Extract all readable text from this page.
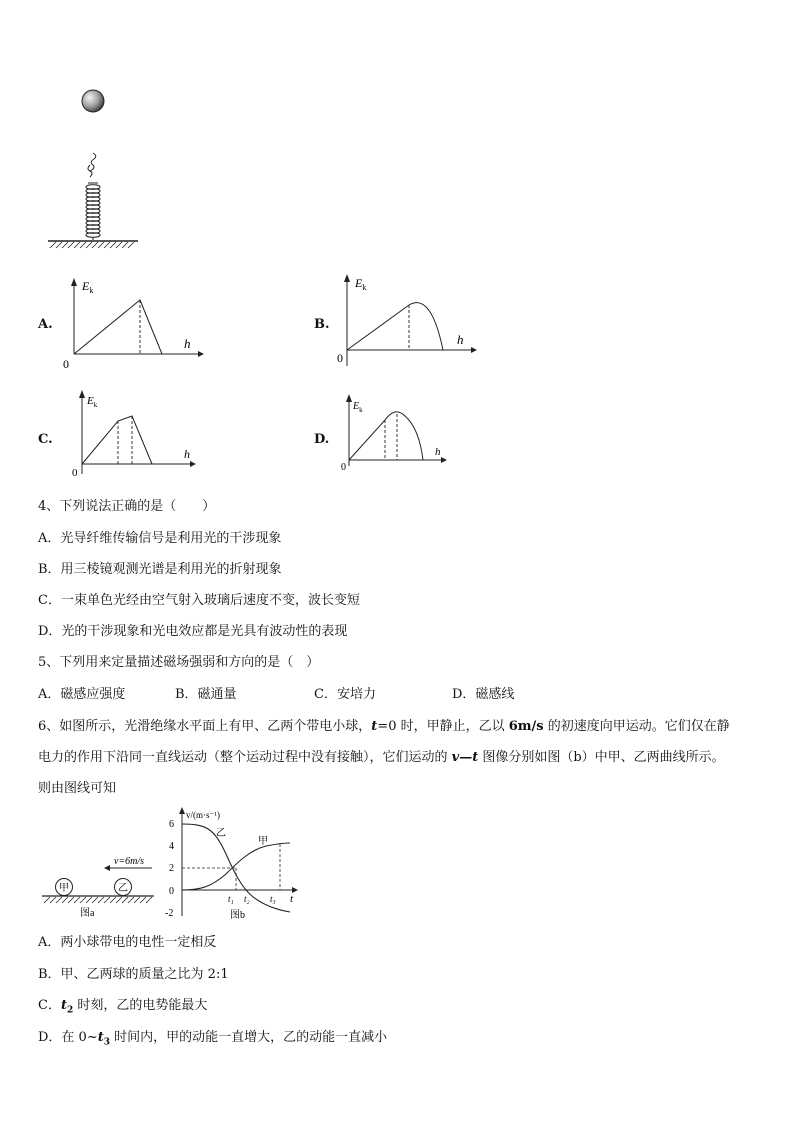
A.
$E_k$
h
0
B.
$E_k$
h
0
C.
$E_k$
h
0
D.
$E_k$
h
0
4、下列说法正确的是（　　）
A．光导纤维传输信号是利用光的干涉现象
B．用三棱镜观测光谱是利用光的折射现象
C．一束单色光经由空气射入玻璃后速度不变，波长变短
D．光的干涉现象和光电效应都是光具有波动性的表现
5、下列用来定量描述磁场强弱和方向的是（　）
A．磁感应强度	B．磁通量	C．安培力	D．磁感线
6、如图所示，光滑绝缘水平面上有甲、乙两个带电小球，t=0 时，甲静止，乙以 6m/s 的初速度向甲运动。它们仅在静
电力的作用下沿同一直线运动（整个运动过程中没有接触），它们运动的 v—t 图像分别如图（b）中甲、乙两曲线所示。
则由图线可知
甲	乙
v=6m/s
图a
v/(m·s⁻¹)
t
6
4
2
0
-2
乙
甲
t₁ t₂ t₃
图b
A．两小球带电的电性一定相反
B．甲、乙两球的质量之比为 2:1
C．$t_2$ 时刻，乙的电势能最大
D．在 $0\sim t_3$ 时间内，甲的动能一直增大，乙的动能一直减小
